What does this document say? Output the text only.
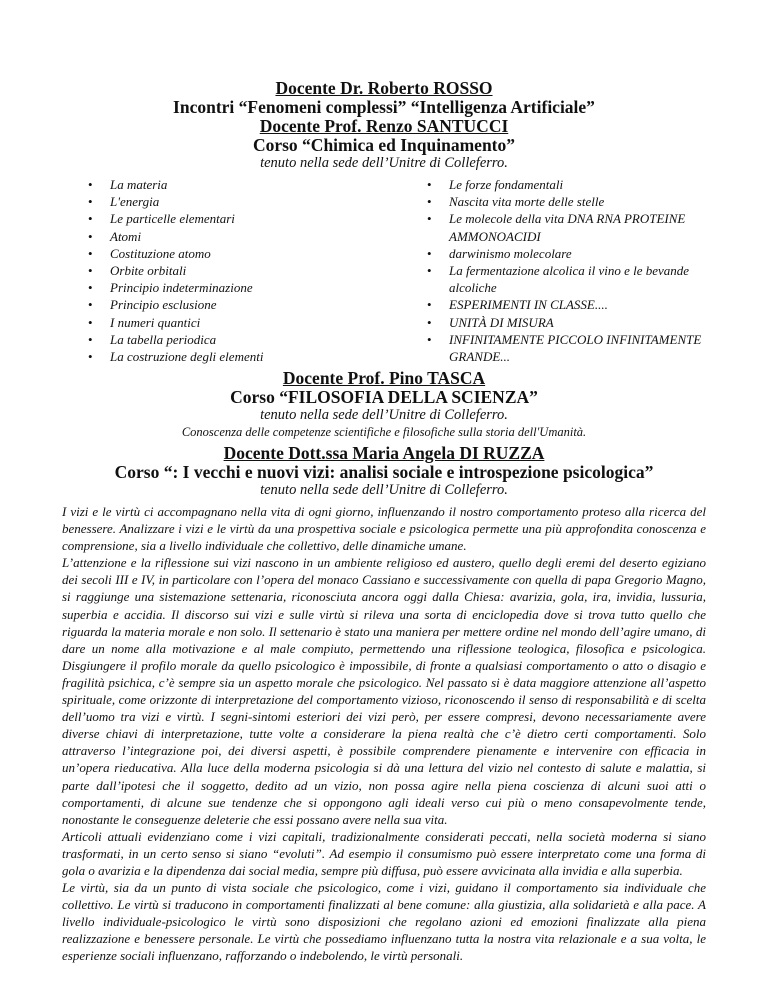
Docente Dr. Roberto ROSSO

Incontri “Fenomeni complessi” “Intelligenza Artificiale”

Docente Prof. Renzo SANTUCCI

Corso “Chimica ed Inquinamento”

tenuto nella sede dell’Unitre di Colleferro.

• La materia
• L'energia
• Le particelle elementari
• Atomi
• Costituzione atomo
• Orbite orbitali
• Principio indeterminazione
• Principio esclusione
• I numeri quantici
• La tabella periodica
• La costruzione degli elementi
• Le forze fondamentali
• Nascita vita morte delle stelle
• Le molecole della vita DNA RNA PROTEINE AMMONOACIDI
• darwinismo molecolare
• La fermentazione alcolica il vino e le bevande alcoliche
• ESPERIMENTI IN CLASSE....
• UNITÀ DI MISURA
• INFINITAMENTE PICCOLO INFINITAMENTE GRANDE...

Docente Prof. Pino TASCA

Corso “FILOSOFIA DELLA SCIENZA”

tenuto nella sede dell’Unitre di Colleferro.

Conoscenza delle competenze scientifiche e filosofiche sulla storia dell'Umanità.

Docente Dott.ssa Maria Angela DI RUZZA

Corso “: I vecchi e nuovi vizi: analisi sociale e introspezione psicologica”

tenuto nella sede dell’Unitre di Colleferro.

I vizi e le virtù ci accompagnano nella vita di ogni giorno, influenzando il nostro comportamento proteso alla ricerca del benessere. Analizzare i vizi e le virtù da una prospettiva sociale e psicologica permette una più approfondita conoscenza e comprensione, sia a livello individuale che collettivo, delle dinamiche umane.

L’attenzione e la riflessione sui vizi nascono in un ambiente religioso ed austero, quello degli eremi del deserto egiziano dei secoli III e IV, in particolare con l’opera del monaco Cassiano e successivamente con quella di papa Gregorio Magno, si raggiunge una sistemazione settenaria, riconosciuta ancora oggi dalla Chiesa: avarizia, gola, ira, invidia, lussuria, superbia e accidia. Il discorso sui vizi e sulle virtù si rileva una sorta di enciclopedia dove si trova tutto quello che riguarda la materia morale e non solo. Il settenario è stato una maniera per mettere ordine nel mondo dell’agire umano, di dare un nome alla motivazione e al male compiuto, permettendo una riflessione teologica, filosofica e psicologica. Disgiungere il profilo morale da quello psicologico è impossibile, di fronte a qualsiasi comportamento o atto o disagio e fragilità psichica, c’è sempre sia un aspetto morale che psicologico. Nel passato si è data maggiore attenzione all’aspetto spirituale, come orizzonte di interpretazione del comportamento vizioso, riconoscendo il senso di responsabilità e di scelta dell’uomo tra vizi e virtù. I segni-sintomi esteriori dei vizi però, per essere compresi, devono necessariamente avere diverse chiavi di interpretazione, tutte volte a considerare la piena realtà che c’è dietro certi comportamenti. Solo attraverso l’integrazione poi, dei diversi aspetti, è possibile comprendere pienamente e intervenire con efficacia in un’opera rieducativa. Alla luce della moderna psicologia si dà una lettura del vizio nel contesto di salute e malattia, si parte dall’ipotesi che il soggetto, dedito ad un vizio, non possa agire nella piena coscienza di alcuni suoi atti o comportamenti, di alcune sue tendenze che si oppongono agli ideali verso cui più o meno consapevolmente tende, nonostante le conseguenze deleterie che essi possano avere nella sua vita.

Articoli attuali evidenziano come i vizi capitali, tradizionalmente considerati peccati, nella società moderna si siano trasformati, in un certo senso si siano “evoluti”. Ad esempio il consumismo può essere interpretato come una forma di gola o avarizia e la dipendenza dai social media, sempre più diffusa, può essere avvicinata alla invidia e alla superbia.

Le virtù, sia da un punto di vista sociale che psicologico, come i vizi, guidano il comportamento sia individuale che collettivo. Le virtù si traducono in comportamenti finalizzati al bene comune: alla giustizia, alla solidarietà e alla pace. A livello individuale-psicologico le virtù sono disposizioni che regolano azioni ed emozioni finalizzate alla piena realizzazione e benessere personale. Le virtù che possediamo influenzano tutta la nostra vita relazionale e a sua volta, le esperienze sociali influenzano, rafforzando o indebolendo, le virtù personali.
